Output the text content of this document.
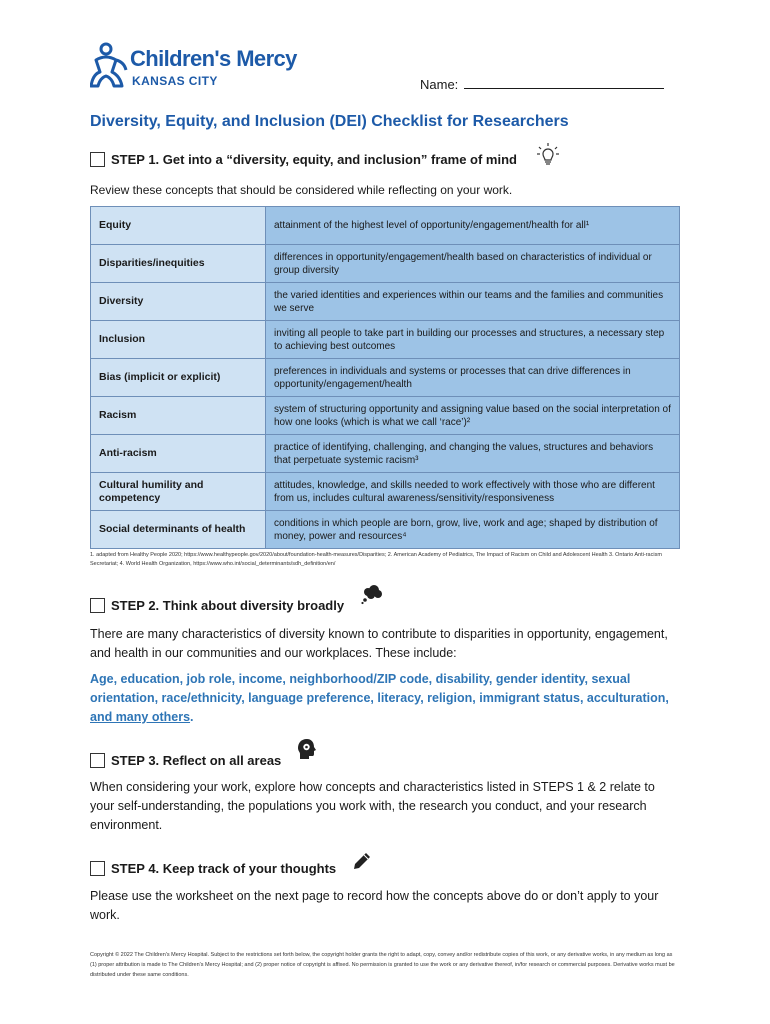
Children's Mercy
KANSAS CITY	Name:
Diversity, Equity, and Inclusion (DEI) Checklist for Researchers
STEP 1. Get into a “diversity, equity, and inclusion” frame of mind
Review these concepts that should be considered while reflecting on your work.
Equity	attainment of the highest level of opportunity/engagement/health for all¹
Disparities/inequities	differences in opportunity/engagement/health based on characteristics of individual or group diversity
Diversity	the varied identities and experiences within our teams and the families and communities we serve
Inclusion	inviting all people to take part in building our processes and structures, a necessary step to achieving best outcomes
Bias (implicit or explicit)	preferences in individuals and systems or processes that can drive differences in opportunity/engagement/health
Racism	system of structuring opportunity and assigning value based on the social interpretation of how one looks (which is what we call ‘race’)²
Anti-racism	practice of identifying, challenging, and changing the values, structures and behaviors that perpetuate systemic racism³
Cultural humility and competency	attitudes, knowledge, and skills needed to work effectively with those who are different from us, includes cultural awareness/sensitivity/responsiveness
Social determinants of health	conditions in which people are born, grow, live, work and age; shaped by distribution of money, power and resources⁴
1. adapted from Healthy People 2020; https://www.healthypeople.gov/2020/about/foundation-health-measures/Disparities; 2. American Academy of Pediatrics, The Impact of Racism on Child and Adolescent Health 3. Ontario Anti-racism Secretariat; 4. World Health Organization, https://www.who.int/social_determinants/sdh_definition/en/
STEP 2. Think about diversity broadly
There are many characteristics of diversity known to contribute to disparities in opportunity, engagement, and health in our communities and our workplaces. These include:
Age, education, job role, income, neighborhood/ZIP code, disability, gender identity, sexual orientation, race/ethnicity, language preference, literacy, religion, immigrant status, acculturation, and many others.
STEP 3. Reflect on all areas
When considering your work, explore how concepts and characteristics listed in STEPS 1 & 2 relate to your self-understanding, the populations you work with, the research you conduct, and your research environment.
STEP 4. Keep track of your thoughts
Please use the worksheet on the next page to record how the concepts above do or don’t apply to your work.
Copyright © 2022 The Children's Mercy Hospital. Subject to the restrictions set forth below, the copyright holder grants the right to adapt, copy, convey and/or redistribute copies of this work, or any derivative works, in any medium as long as (1) proper attribution is made to The Children's Mercy Hospital; and (2) proper notice of copyright is affixed. No permission is granted to use the work or any derivative thereof, in/for research or commercial purposes. Derivative works must be distributed under these same conditions.
